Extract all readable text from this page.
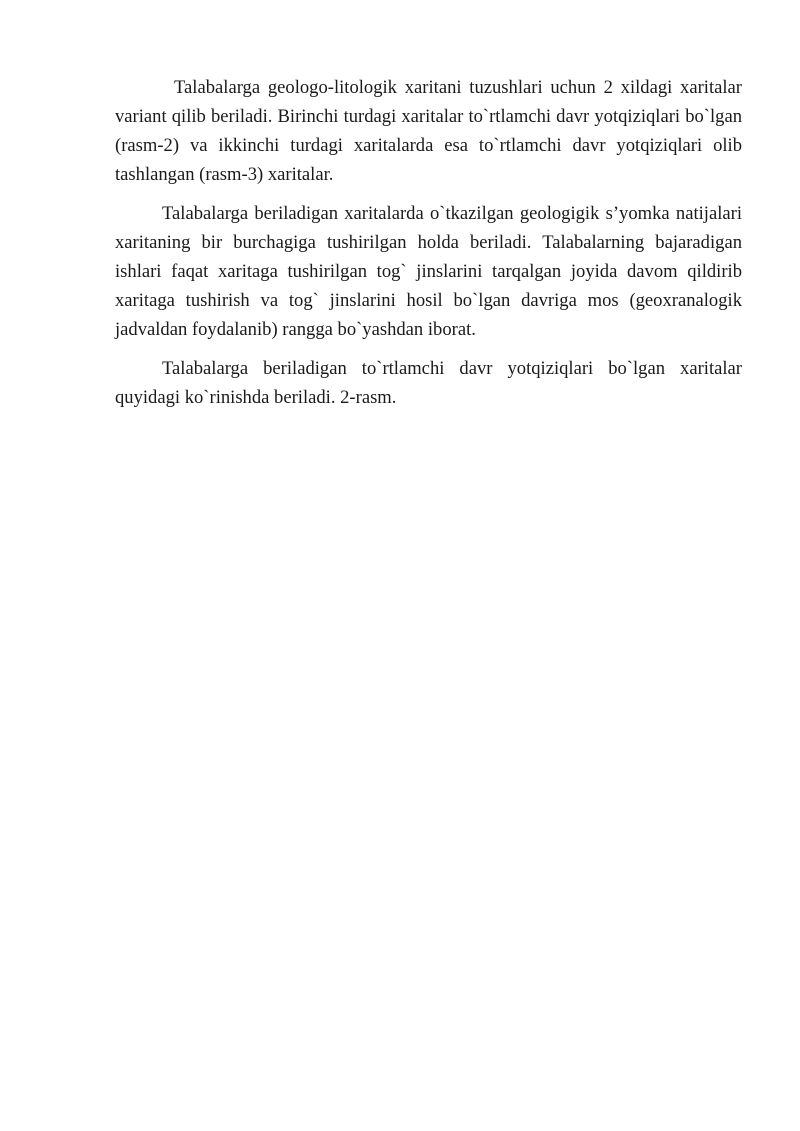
Talabalarga geologo-litologik xaritani tuzushlari uchun 2 xildagi xaritalar variant qilib beriladi. Birinchi turdagi xaritalar to`rtlamchi davr yotqiziqlari bo`lgan (rasm-2) va ikkinchi turdagi xaritalarda esa to`rtlamchi davr yotqiziqlari olib tashlangan (rasm-3) xaritalar.

Talabalarga beriladigan xaritalarda o`tkazilgan geologigik s’yomka natijalari xaritaning bir burchagiga tushirilgan holda beriladi. Talabalarning bajaradigan ishlari faqat xaritaga tushirilgan tog` jinslarini tarqalgan joyida davom qildirib xaritaga tushirish va tog` jinslarini hosil bo`lgan davriga mos (geoxranalogik jadvaldan foydalanib) rangga bo`yashdan iborat.

Talabalarga beriladigan to`rtlamchi davr yotqiziqlari bo`lgan xaritalar quyidagi ko`rinishda beriladi. 2-rasm.
